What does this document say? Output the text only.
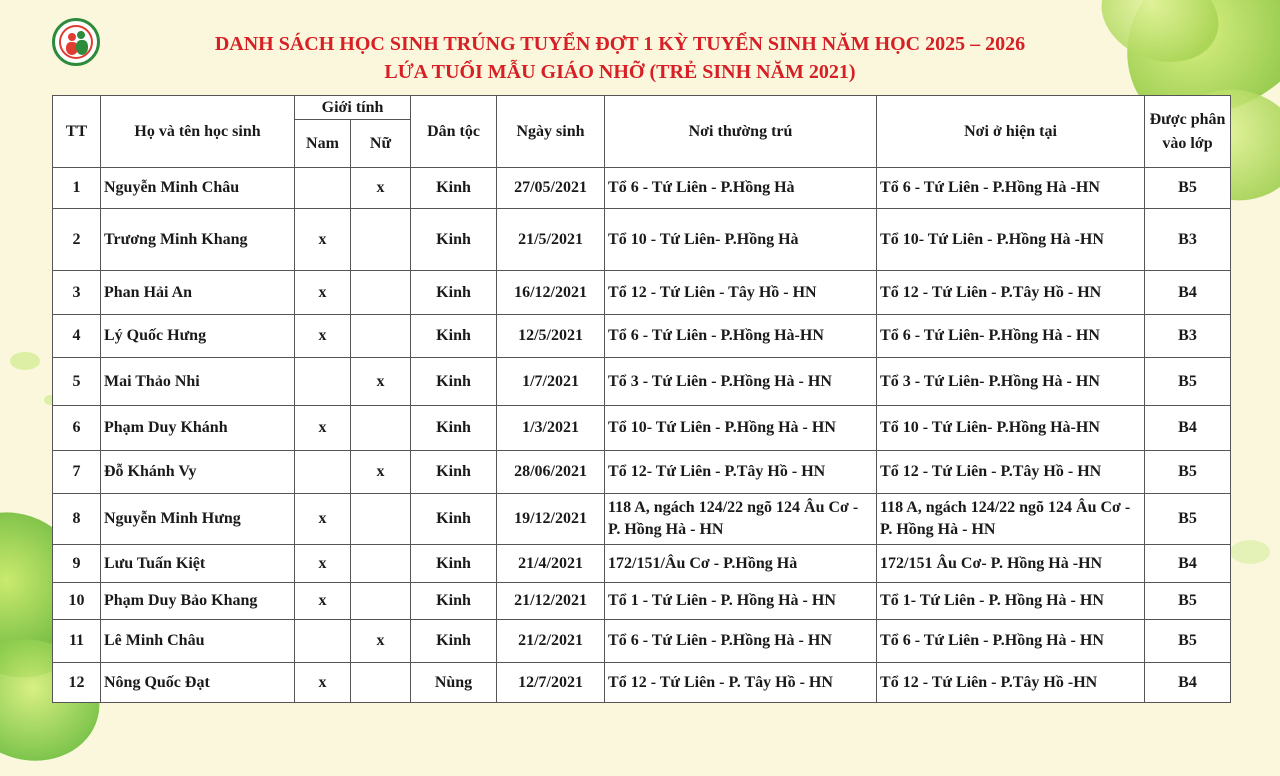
DANH SÁCH HỌC SINH TRÚNG TUYỂN ĐỢT 1 KỲ TUYỂN SINH NĂM HỌC 2025 – 2026
LỨA TUỔI MẪU GIÁO NHỠ (TRẺ SINH NĂM 2021)
TT	Họ và tên học sinh	Giới tính		Dân tộc	Ngày sinh	Nơi thường trú	Nơi ở hiện tại	Được phân vào lớp
		Nam	Nữ					
1	Nguyễn Minh Châu		x	Kinh	27/05/2021	Tổ 6 - Tứ Liên - P.Hồng Hà	Tổ 6 - Tứ Liên - P.Hồng Hà -HN	B5
2	Trương Minh Khang	x		Kinh	21/5/2021	Tổ 10 - Tứ Liên- P.Hồng Hà	Tổ 10- Tứ Liên - P.Hồng Hà -HN	B3
3	Phan Hải An	x		Kinh	16/12/2021	Tổ 12 - Tứ Liên - Tây Hồ - HN	Tổ 12 - Tứ Liên - P.Tây Hồ - HN	B4
4	Lý Quốc Hưng	x		Kinh	12/5/2021	Tổ 6 - Tứ Liên - P.Hồng Hà-HN	Tổ 6 - Tứ Liên- P.Hồng Hà - HN	B3
5	Mai Thảo Nhi		x	Kinh	1/7/2021	Tổ 3 - Tứ Liên - P.Hồng Hà - HN	Tổ 3 - Tứ Liên- P.Hồng Hà - HN	B5
6	Phạm Duy Khánh	x		Kinh	1/3/2021	Tổ 10- Tứ Liên - P.Hồng Hà - HN	Tổ 10 - Tứ Liên- P.Hồng Hà-HN	B4
7	Đỗ Khánh Vy		x	Kinh	28/06/2021	Tổ 12- Tứ Liên - P.Tây Hồ - HN	Tổ 12 - Tứ Liên - P.Tây Hồ - HN	B5
8	Nguyễn Minh Hưng	x		Kinh	19/12/2021	118 A, ngách 124/22 ngõ 124 Âu Cơ - P. Hồng Hà - HN	118 A, ngách 124/22 ngõ 124 Âu Cơ - P. Hồng Hà - HN	B5
9	Lưu Tuấn Kiệt	x		Kinh	21/4/2021	172/151/Âu Cơ - P.Hồng Hà	172/151 Âu Cơ- P. Hồng Hà -HN	B4
10	Phạm Duy Bảo Khang	x		Kinh	21/12/2021	Tổ 1 - Tứ Liên - P. Hồng Hà - HN	Tổ 1- Tứ Liên - P. Hồng Hà - HN	B5
11	Lê Minh Châu		x	Kinh	21/2/2021	Tổ 6 - Tứ Liên - P.Hồng Hà - HN	Tổ 6 - Tứ Liên - P.Hồng Hà - HN	B5
12	Nông Quốc Đạt	x		Nùng	12/7/2021	Tổ 12 - Tứ Liên - P. Tây Hồ - HN	Tổ 12 - Tứ Liên - P.Tây Hồ -HN	B4
